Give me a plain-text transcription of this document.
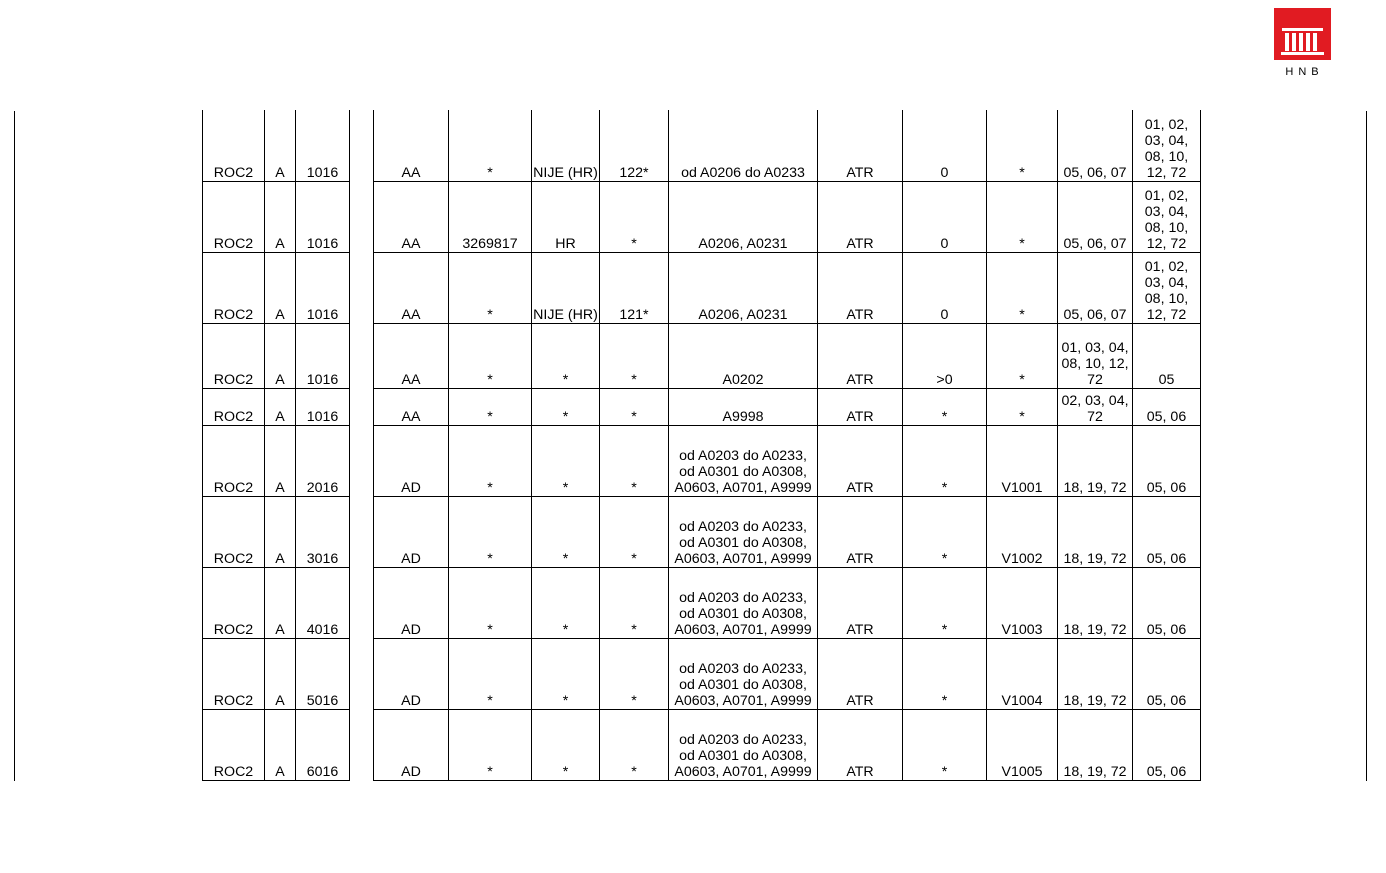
HNB
ROC2	A	1016		AA	*	NIJE (HR)	122*	od A0206 do A0233	ATR	0	*	05, 06, 07	01, 02, 03, 04, 08, 10, 12, 72
ROC2	A	1016		AA	3269817	HR	*	A0206, A0231	ATR	0	*	05, 06, 07	01, 02, 03, 04, 08, 10, 12, 72
ROC2	A	1016		AA	*	NIJE (HR)	121*	A0206, A0231	ATR	0	*	05, 06, 07	01, 02, 03, 04, 08, 10, 12, 72
ROC2	A	1016		AA	*	*	*	A0202	ATR	>0	*	01, 03, 04, 08, 10, 12, 72	05
ROC2	A	1016		AA	*	*	*	A9998	ATR	*	*	02, 03, 04, 72	05, 06
ROC2	A	2016		AD	*	*	*	od A0203 do A0233, od A0301 do A0308, A0603, A0701, A9999	ATR	*	V1001	18, 19, 72	05, 06
ROC2	A	3016		AD	*	*	*	od A0203 do A0233, od A0301 do A0308, A0603, A0701, A9999	ATR	*	V1002	18, 19, 72	05, 06
ROC2	A	4016		AD	*	*	*	od A0203 do A0233, od A0301 do A0308, A0603, A0701, A9999	ATR	*	V1003	18, 19, 72	05, 06
ROC2	A	5016		AD	*	*	*	od A0203 do A0233, od A0301 do A0308, A0603, A0701, A9999	ATR	*	V1004	18, 19, 72	05, 06
ROC2	A	6016		AD	*	*	*	od A0203 do A0233, od A0301 do A0308, A0603, A0701, A9999	ATR	*	V1005	18, 19, 72	05, 06
